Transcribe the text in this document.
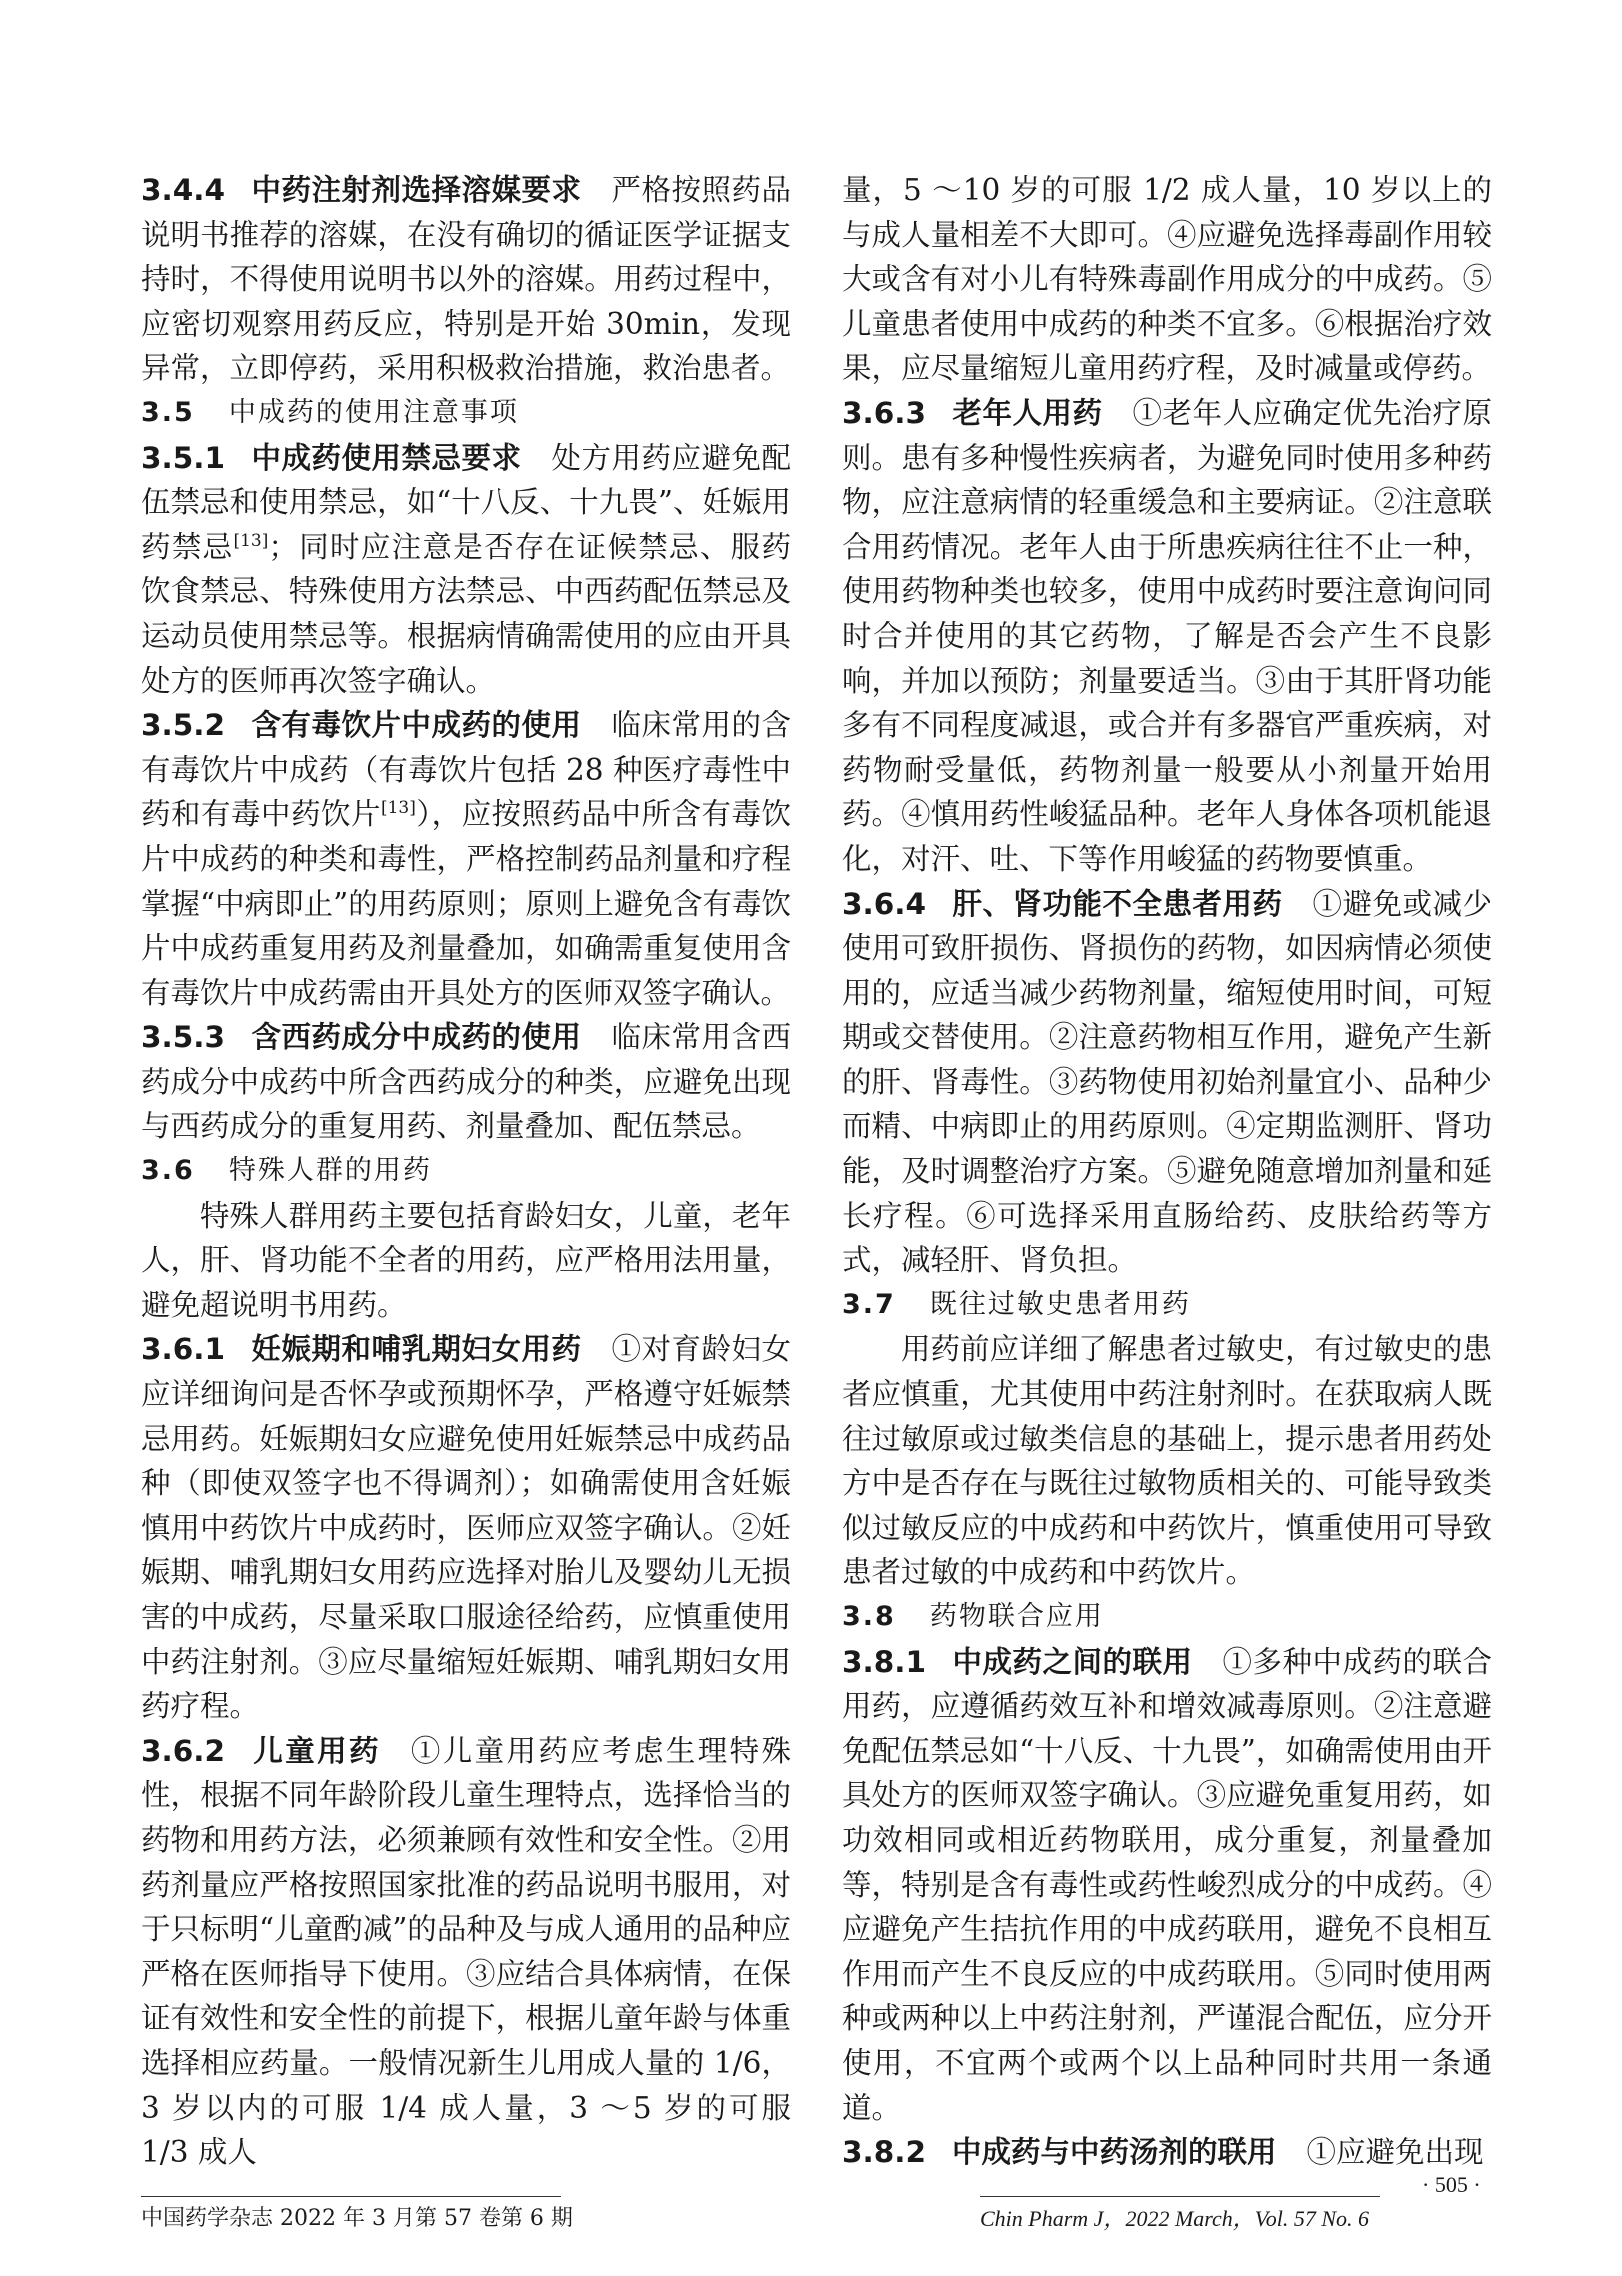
3.4.4 中药注射剂选择溶媒要求 严格按照药品说明书推荐的溶媒，在没有确切的循证医学证据支持时，不得使用说明书以外的溶媒。用药过程中，应密切观察用药反应，特别是开始 30min，发现异常，立即停药，采用积极救治措施，救治患者。

3.5 中成药的使用注意事项

3.5.1 中成药使用禁忌要求 处方用药应避免配伍禁忌和使用禁忌，如“十八反、十九畏”、妊娠用药禁忌[13]；同时应注意是否存在证候禁忌、服药饮食禁忌、特殊使用方法禁忌、中西药配伍禁忌及运动员使用禁忌等。根据病情确需使用的应由开具处方的医师再次签字确认。

3.5.2 含有毒饮片中成药的使用 临床常用的含有毒饮片中成药（有毒饮片包括 28 种医疗毒性中药和有毒中药饮片[13]），应按照药品中所含有毒饮片中成药的种类和毒性，严格控制药品剂量和疗程掌握“中病即止”的用药原则；原则上避免含有毒饮片中成药重复用药及剂量叠加，如确需重复使用含有毒饮片中成药需由开具处方的医师双签字确认。

3.5.3 含西药成分中成药的使用 临床常用含西药成分中成药中所含西药成分的种类，应避免出现与西药成分的重复用药、剂量叠加、配伍禁忌。

3.6 特殊人群的用药

特殊人群用药主要包括育龄妇女，儿童，老年人，肝、肾功能不全者的用药，应严格用法用量，避免超说明书用药。

3.6.1 妊娠期和哺乳期妇女用药 ①对育龄妇女应详细询问是否怀孕或预期怀孕，严格遵守妊娠禁忌用药。妊娠期妇女应避免使用妊娠禁忌中成药品种（即使双签字也不得调剂）；如确需使用含妊娠慎用中药饮片中成药时，医师应双签字确认。②妊娠期、哺乳期妇女用药应选择对胎儿及婴幼儿无损害的中成药，尽量采取口服途径给药，应慎重使用中药注射剂。③应尽量缩短妊娠期、哺乳期妇女用药疗程。

3.6.2 儿童用药 ①儿童用药应考虑生理特殊性，根据不同年龄阶段儿童生理特点，选择恰当的药物和用药方法，必须兼顾有效性和安全性。②用药剂量应严格按照国家批准的药品说明书服用，对于只标明“儿童酌减”的品种及与成人通用的品种应严格在医师指导下使用。③应结合具体病情，在保证有效性和安全性的前提下，根据儿童年龄与体重选择相应药量。一般情况新生儿用成人量的 1/6，3 岁以内的可服 1/4 成人量，3 ～5 岁的可服 1/3 成人

量，5 ～10 岁的可服 1/2 成人量，10 岁以上的与成人量相差不大即可。④应避免选择毒副作用较大或含有对小儿有特殊毒副作用成分的中成药。⑤儿童患者使用中成药的种类不宜多。⑥根据治疗效果，应尽量缩短儿童用药疗程，及时减量或停药。

3.6.3 老年人用药 ①老年人应确定优先治疗原则。患有多种慢性疾病者，为避免同时使用多种药物，应注意病情的轻重缓急和主要病证。②注意联合用药情况。老年人由于所患疾病往往不止一种，使用药物种类也较多，使用中成药时要注意询问同时合并使用的其它药物，了解是否会产生不良影响，并加以预防；剂量要适当。③由于其肝肾功能多有不同程度减退，或合并有多器官严重疾病，对药物耐受量低，药物剂量一般要从小剂量开始用药。④慎用药性峻猛品种。老年人身体各项机能退化，对汗、吐、下等作用峻猛的药物要慎重。

3.6.4 肝、肾功能不全患者用药 ①避免或减少使用可致肝损伤、肾损伤的药物，如因病情必须使用的，应适当减少药物剂量，缩短使用时间，可短期或交替使用。②注意药物相互作用，避免产生新的肝、肾毒性。③药物使用初始剂量宜小、品种少而精、中病即止的用药原则。④定期监测肝、肾功能，及时调整治疗方案。⑤避免随意增加剂量和延长疗程。⑥可选择采用直肠给药、皮肤给药等方式，减轻肝、肾负担。

3.7 既往过敏史患者用药

用药前应详细了解患者过敏史，有过敏史的患者应慎重，尤其使用中药注射剂时。在获取病人既往过敏原或过敏类信息的基础上，提示患者用药处方中是否存在与既往过敏物质相关的、可能导致类似过敏反应的中成药和中药饮片，慎重使用可导致患者过敏的中成药和中药饮片。

3.8 药物联合应用

3.8.1 中成药之间的联用 ①多种中成药的联合用药，应遵循药效互补和增效减毒原则。②注意避免配伍禁忌如“十八反、十九畏”，如确需使用由开具处方的医师双签字确认。③应避免重复用药，如功效相同或相近药物联用，成分重复，剂量叠加等，特别是含有毒性或药性峻烈成分的中成药。④应避免产生拮抗作用的中成药联用，避免不良相互作用而产生不良反应的中成药联用。⑤同时使用两种或两种以上中药注射剂，严谨混合配伍，应分开使用，不宜两个或两个以上品种同时共用一条通道。

3.8.2 中成药与中药汤剂的联用 ①应避免出现

· 505 ·
中国药学杂志 2022 年 3 月第 57 卷第 6 期	Chin Pharm J，2022 March，Vol. 57 No. 6
